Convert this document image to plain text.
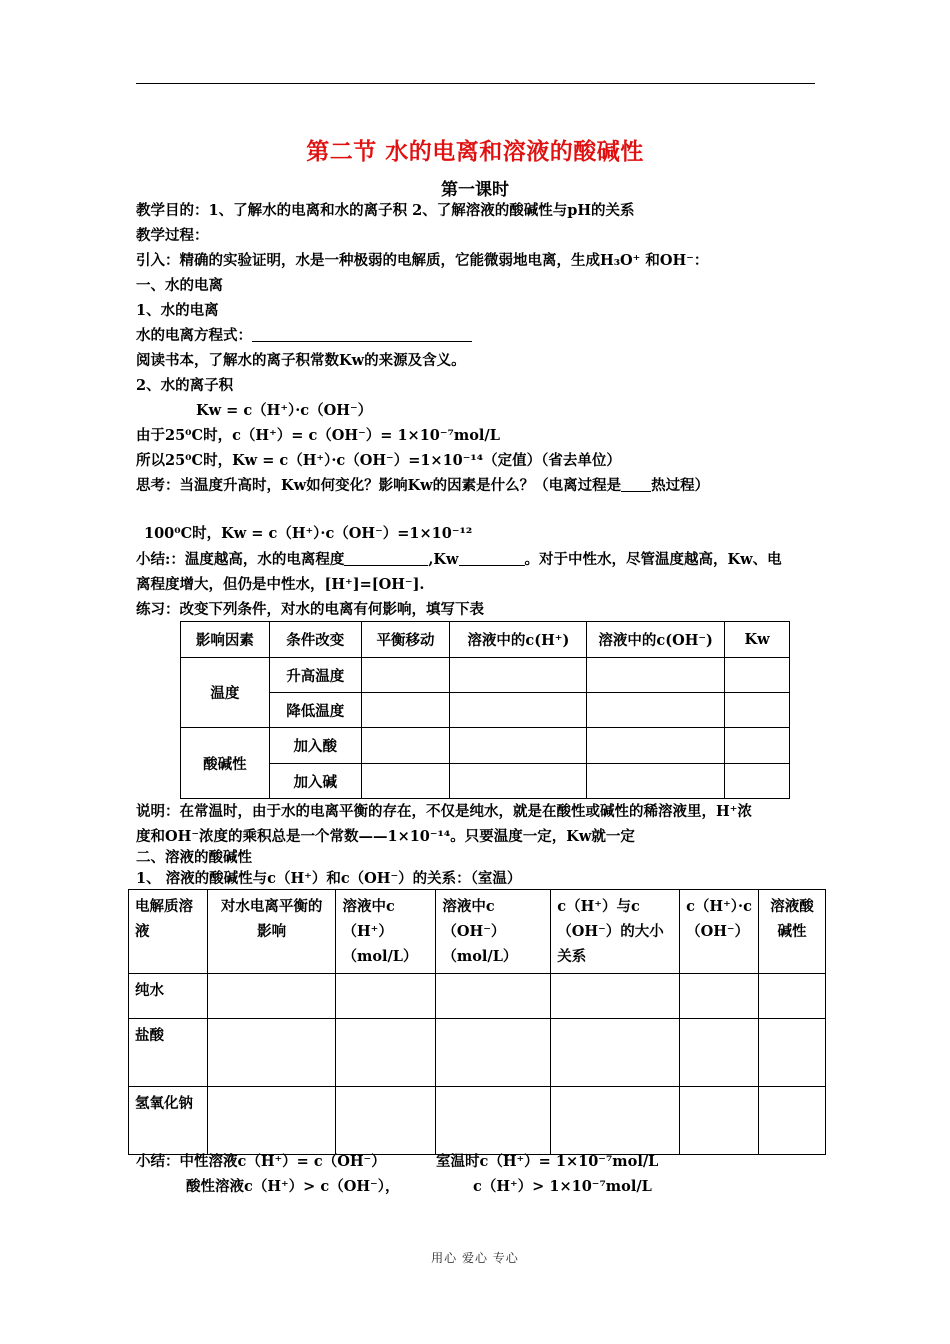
第二节 水的电离和溶液的酸碱性
第一课时
教学目的：1、了解水的电离和水的离子积 2、了解溶液的酸碱性与pH的关系
教学过程：
引入：精确的实验证明，水是一种极弱的电解质，它能微弱地电离，生成H₃O⁺ 和OH⁻：
一、水的电离
1、水的电离
水的电离方程式：
阅读书本，了解水的离子积常数Kw的来源及含义。
2、水的离子积
Kw = c（H⁺）·c（OH⁻）
由于25⁰C时，c（H⁺）= c（OH⁻）= 1×10⁻⁷mol/L
所以25⁰C时，Kw = c（H⁺）·c（OH⁻）=1×10⁻¹⁴（定值）（省去单位）
思考：当温度升高时，Kw如何变化？影响Kw的因素是什么？（电离过程是 热过程）
100⁰C时，Kw = c（H⁺）·c（OH⁻）=1×10⁻¹²
小结:：温度越高，水的电离程度	,Kw	。对于中性水，尽管温度越高，Kw、电
离程度增大，但仍是中性水，[H⁺]=[OH⁻].
练习：改变下列条件，对水的电离有何影响，填写下表
影响因素	条件改变	平衡移动	溶液中的c(H⁺)	溶液中的c(OH⁻)	Kw
温度	升高温度				
	降低温度				
酸碱性	加入酸				
	加入碱				
说明：在常温时，由于水的电离平衡的存在，不仅是纯水，就是在酸性或碱性的稀溶液里，H⁺浓
度和OH⁻浓度的乘积总是一个常数——1×10⁻¹⁴。只要温度一定，Kw就一定
二、溶液的酸碱性
1、 溶液的酸碱性与c（H⁺）和c（OH⁻）的关系：（室温）
电解质溶液	对水电离平衡的影响	溶液中c（H⁺）（mol/L）	溶液中c（OH⁻）（mol/L）	c（H⁺）与c（OH⁻）的大小关系	c（H⁺）·c（OH⁻）	溶液酸碱性
纯水						
盐酸						
氢氧化钠						
小结：中性溶液c（H⁺）= c（OH⁻）	室温时c（H⁺）= 1×10⁻⁷mol/L
酸性溶液c（H⁺）> c（OH⁻），	c（H⁺）> 1×10⁻⁷mol/L
用心 爱心 专心
